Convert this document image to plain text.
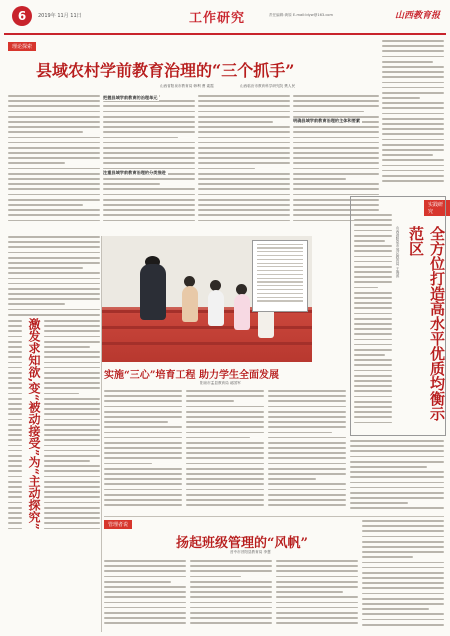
6	2019年 11月 11日	工作研究	责任编辑:黄原 E-mail:ldyw@163.com	山西教育报
理论探索
县域农村学前教育治理的“三个抓手”
山西省阳泉市教育局 韩利 曹 素霞	山西临汾市教育科学研究院 樊人民
把握县域学前教育的治理单元
明确县域学前教育治理的主体和要素
注重县域学前教育治理的分类推进
实践研究
全方位打造高水平优质均衡示范区
山西省阳泉市郊区教育局 王海滨
激发求知欲,变“被动接受”为“主动探究”	实施“三心”培育工程 助力学生全面发展
阳泉市盂县教育局 郝国军
管理者说
扬起班级管理的“风帆”
晋中市昔阳县教育局 李慧
